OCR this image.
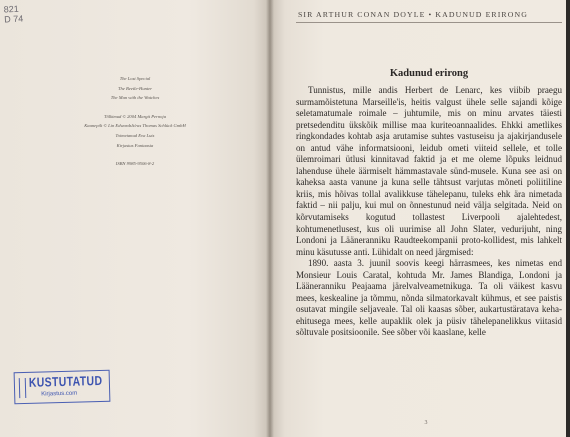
821
D 74
The Lost Special
The Beetle-Hunter
The Man with the Watches
Tõlkimud © 2004 Margit Pernoja
Kaanepilt © Lin Edwardslt/ras Thomas Schlück GmbH
Toimetanud Eva Luts
Kirjastus Fantaasia
ISBN 9985-9506-8-2
KUSTUTATUD
Kirjastus.com
SIR ARTHUR CONAN DOYLE • KADUNUD ERIRONG
Kadunud erirong

Tunnistus, mille andis Herbert de Lenarc, kes viibib praegu surmamõistetuna Marseille'is, heitis valgust ühele selle sajandi kõige seletamatumale roimale – juhtumile, mis on minu arvates täiesti pretsedenditu ükskõik millise maa kuriteoannaalides. Ehkki ametlikes ringkondades kohtab asja arutamise suhtes vastuseisu ja ajakirjandusele on antud vähe informatsiooni, leidub ometi viiteid sellele, et tolle ülemroimari ütlusi kinnitavad faktid ja et me oleme lõpuks leidnud lahenduse ühele äärmiselt hämmastavale sünd-musele. Kuna see asi on kaheksa aasta vanune ja kuna selle tähtsust varjutas mõneti poliitiline kriis, mis hõivas tollal avalikkuse tähelepanu, tuleks ehk ära nimetada faktid – nii palju, kui mul on õnnestunud neid välja selgitada. Neid on kõrvutamiseks kogutud tollastest Liverpooli ajalehtedest, kohtumenetlusest, kus oli uurimise all John Slater, vedurijuht, ning Londoni ja Lääneranniku Raudteekompanii proto-kollidest, mis lahkelt minu käsutusse anti. Lühidalt on need järgmised:

1890. aasta 3. juunil soovis keegi härrasmees, kes nimetas end Monsieur Louis Caratal, kohtuda Mr. James Blandiga, Londoni ja Lääneranniku Peajaama järelvalveametnikuga. Ta oli väikest kasvu mees, keskealine ja tõmmu, nõnda silmatorkavalt kühmus, et see paistis osutavat mingile seljaveale. Tal oli kaasas sõber, aukartustäratava keha-ehitusega mees, kelle aupaklik olek ja püsiv tähelepanelikkus viitasid sõltuvale positsioonile. See sõber või kaaslane, kelle

3
